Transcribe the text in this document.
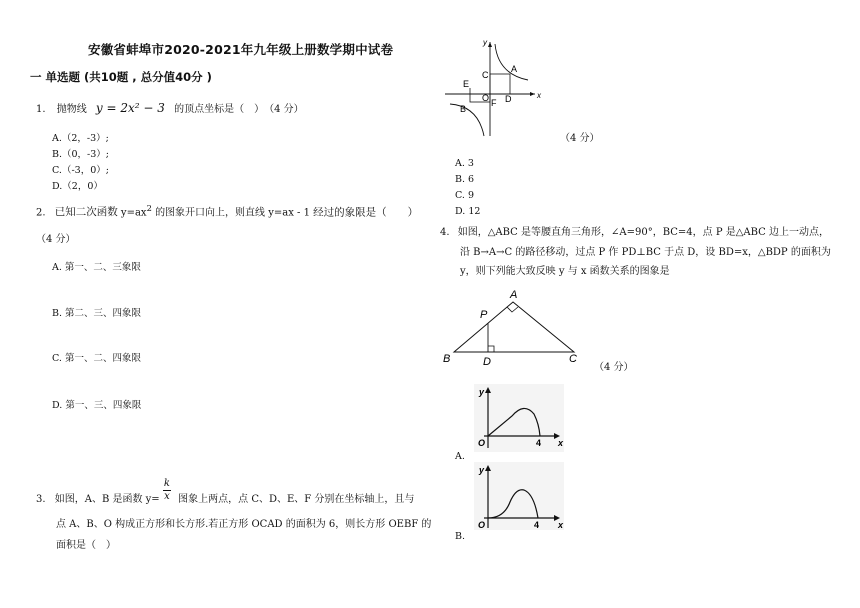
安徽省蚌埠市2020-2021年九年级上册数学期中试卷
一 单选题 (共10题 , 总分值40分 )
1. 抛物线 y = 2x² − 3 的顶点坐标是（　）　（4 分）
A.（2，-3）;
B.（0，-3）;
C.（-3，0）;
D.（2，0）
2. 已知二次函数 $y=ax^2$ 的图象开口向上，则直线 y=ax - 1 经过的象限是（　　）
（4 分）
A. 第一、二、三象限
B. 第二、三、四象限
C. 第一、二、四象限
D. 第一、三、四象限
3. 如图，A、B 是函数 $y= \frac{k}{x}$ 图象上两点，点 C、D、E、F 分别在坐标轴上，且与
点 A、B、O 构成正方形和长方形.若正方形 OCAD 的面积为 6，则长方形 OEBF 的
面积是（　）
y
x
A
C
D
E
O F
B
（4 分）
A. 3
B. 6
C. 9
D. 12
4. 如图，△ABC 是等腰直角三角形，∠A=90°，BC=4，点 P 是△ABC 边上一动点，
沿 B→A→C 的路径移动，过点 P 作 PD⊥BC 于点 D，设 BD=x，△BDP 的面积为
y，则下列能大致反映 y 与 x 函数关系的图象是
A
B	C
P
D	（4 分）
y
x
O	4
A.
y
x
O	4
B.
